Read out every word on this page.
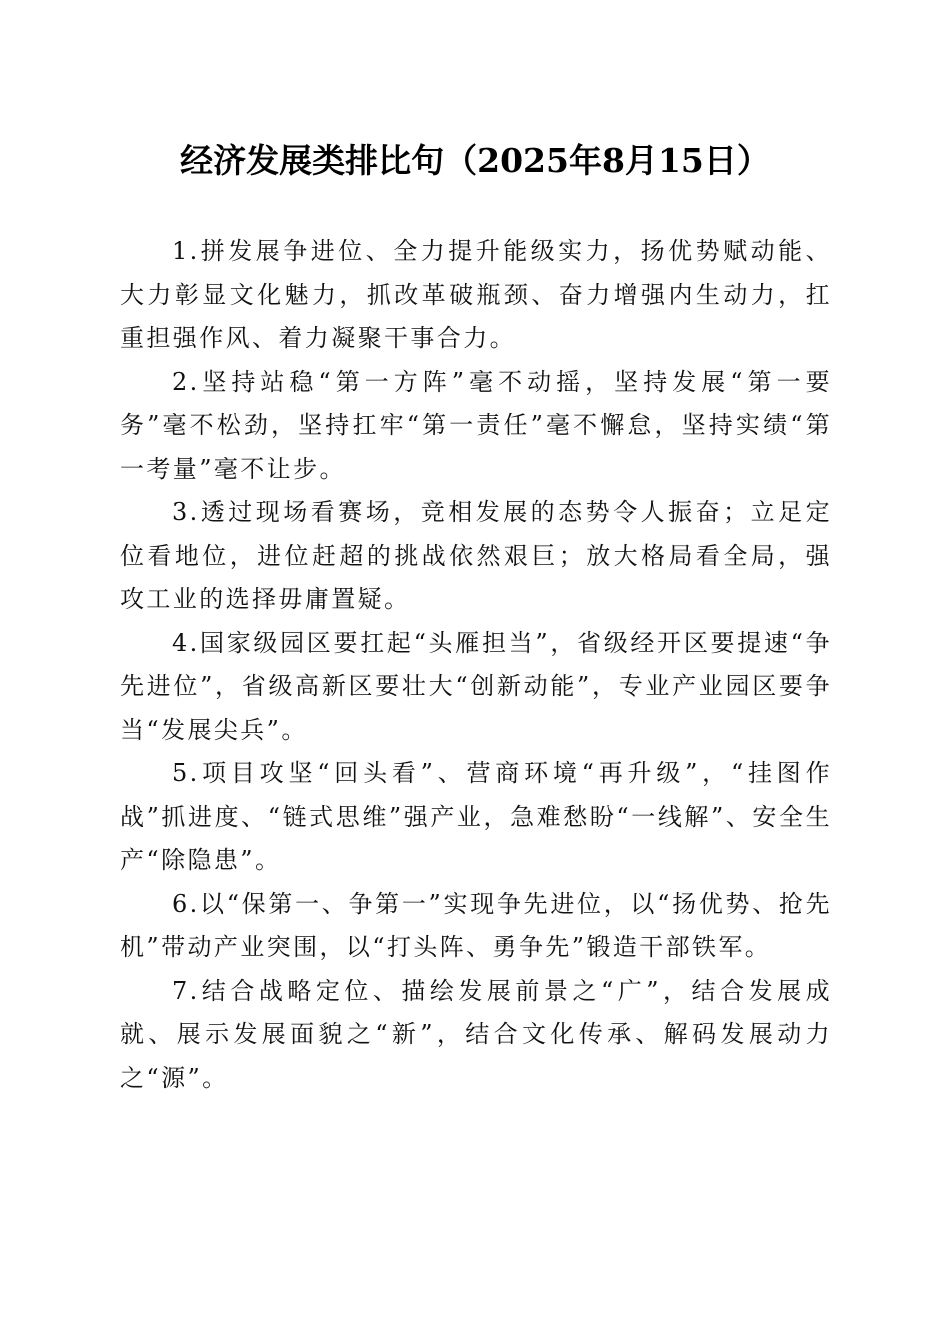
经济发展类排比句（2025年8月15日）

1.拼发展争进位、全力提升能级实力，扬优势赋动能、大力彰显文化魅力，抓改革破瓶颈、奋力增强内生动力，扛重担强作风、着力凝聚干事合力。

2.坚持站稳“第一方阵”毫不动摇，坚持发展“第一要务”毫不松劲，坚持扛牢“第一责任”毫不懈怠，坚持实绩“第一考量”毫不让步。

3.透过现场看赛场，竞相发展的态势令人振奋；立足定位看地位，进位赶超的挑战依然艰巨；放大格局看全局，强攻工业的选择毋庸置疑。

4.国家级园区要扛起“头雁担当”，省级经开区要提速“争先进位”，省级高新区要壮大“创新动能”，专业产业园区要争当“发展尖兵”。

5.项目攻坚“回头看”、营商环境“再升级”，“挂图作战”抓进度、“链式思维”强产业，急难愁盼“一线解”、安全生产“除隐患”。

6.以“保第一、争第一”实现争先进位，以“扬优势、抢先机”带动产业突围，以“打头阵、勇争先”锻造干部铁军。

7.结合战略定位、描绘发展前景之“广”，结合发展成就、展示发展面貌之“新”，结合文化传承、解码发展动力之“源”。
